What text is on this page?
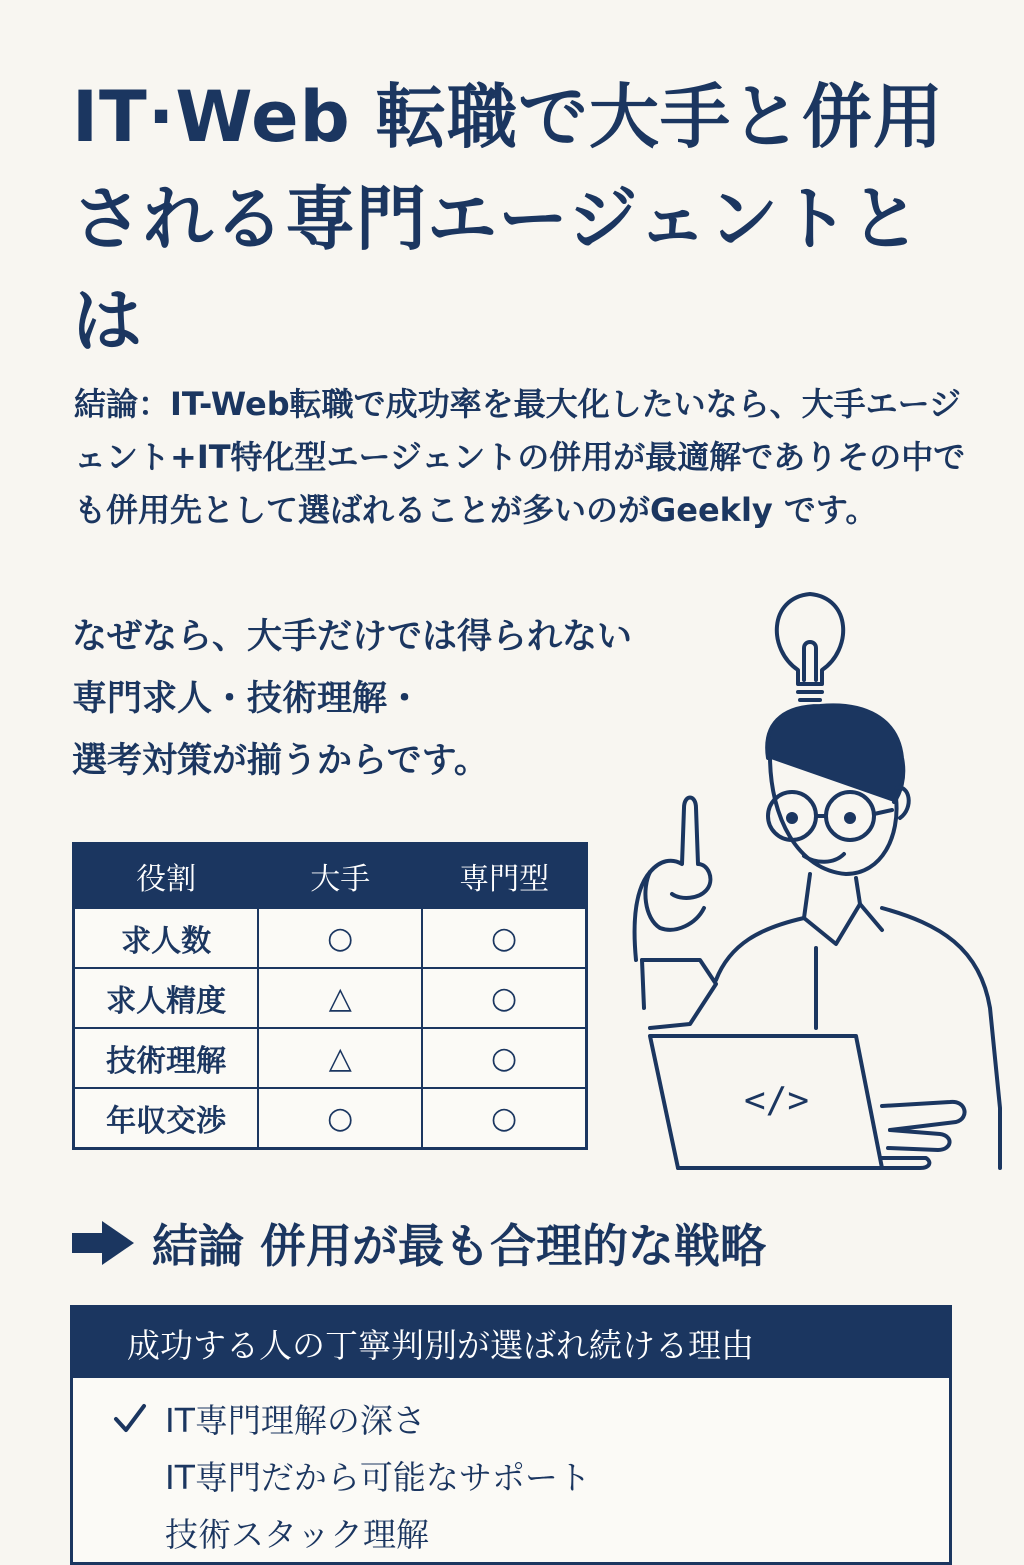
IT·Web 転職で大手と併用される専門エージェントとは

結論：IT-Web転職で成功率を最大化したいなら、大手エージェント+IT特化型エージェントの併用が最適解でありその中でも併用先として選ばれることが多いのがGeekly です。

なぜなら、大手だけでは得られない
専門求人・技術理解・
選考対策が揃うからです。
</>
役割	大手	専門型
求人数	○	○
求人精度	△	○
技術理解	△	○
年収交渉	○	○
結論 併用が最も合理的な戦略
成功する人の丁寧判別が選ばれ続ける理由
IT専門理解の深さ
IT専門だから可能なサポート
技術スタック理解
